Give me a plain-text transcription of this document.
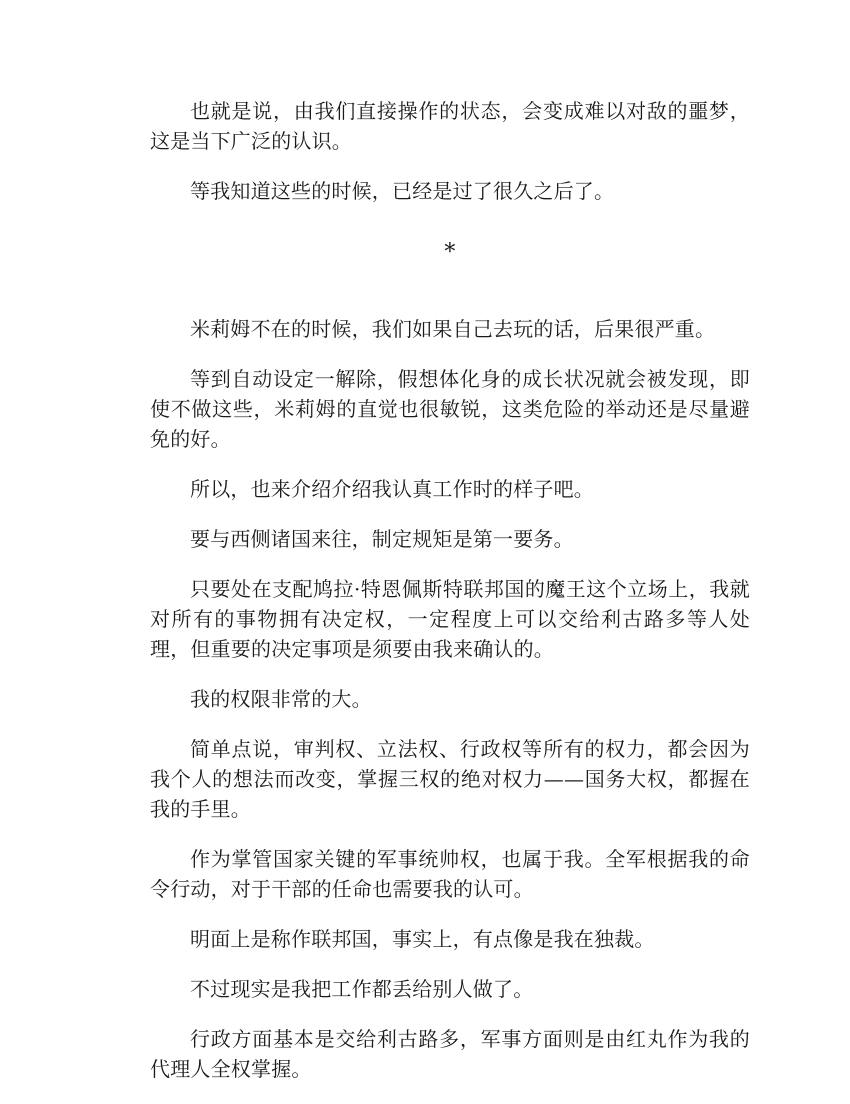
也就是说，由我们直接操作的状态，会变成难以对敌的噩梦，这是当下广泛的认识。

等我知道这些的时候，已经是过了很久之后了。

*

米莉姆不在的时候，我们如果自己去玩的话，后果很严重。

等到自动设定一解除，假想体化身的成长状况就会被发现，即使不做这些，米莉姆的直觉也很敏锐，这类危险的举动还是尽量避免的好。

所以，也来介绍介绍我认真工作时的样子吧。

要与西侧诸国来往，制定规矩是第一要务。

只要处在支配鸠拉·特恩佩斯特联邦国的魔王这个立场上，我就对所有的事物拥有决定权，一定程度上可以交给利古路多等人处理，但重要的决定事项是须要由我来确认的。

我的权限非常的大。

简单点说，审判权、立法权、行政权等所有的权力，都会因为我个人的想法而改变，掌握三权的绝对权力——国务大权，都握在我的手里。

作为掌管国家关键的军事统帅权，也属于我。全军根据我的命令行动，对于干部的任命也需要我的认可。

明面上是称作联邦国，事实上，有点像是我在独裁。

不过现实是我把工作都丢给别人做了。

行政方面基本是交给利古路多，军事方面则是由红丸作为我的代理人全权掌握。
